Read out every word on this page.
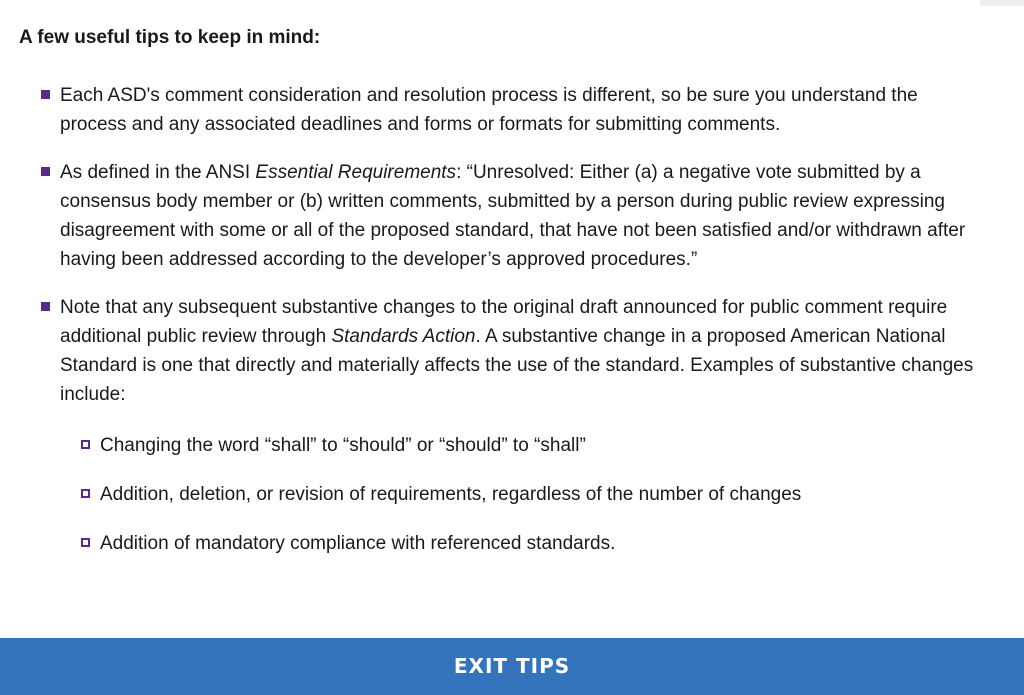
A few useful tips to keep in mind:
Each ASD's comment consideration and resolution process is different, so be sure you understand the process and any associated deadlines and forms or formats for submitting comments.
As defined in the ANSI Essential Requirements: “Unresolved: Either (a) a negative vote submitted by a consensus body member or (b) written comments, submitted by a person during public review expressing disagreement with some or all of the proposed standard, that have not been satisfied and/or withdrawn after having been addressed according to the developer’s approved procedures.”
Note that any subsequent substantive changes to the original draft announced for public comment require additional public review through Standards Action. A substantive change in a proposed American National Standard is one that directly and materially affects the use of the standard. Examples of substantive changes include:
Changing the word “shall” to “should” or “should” to “shall”
Addition, deletion, or revision of requirements, regardless of the number of changes
Addition of mandatory compliance with referenced standards.
EXIT TIPS
